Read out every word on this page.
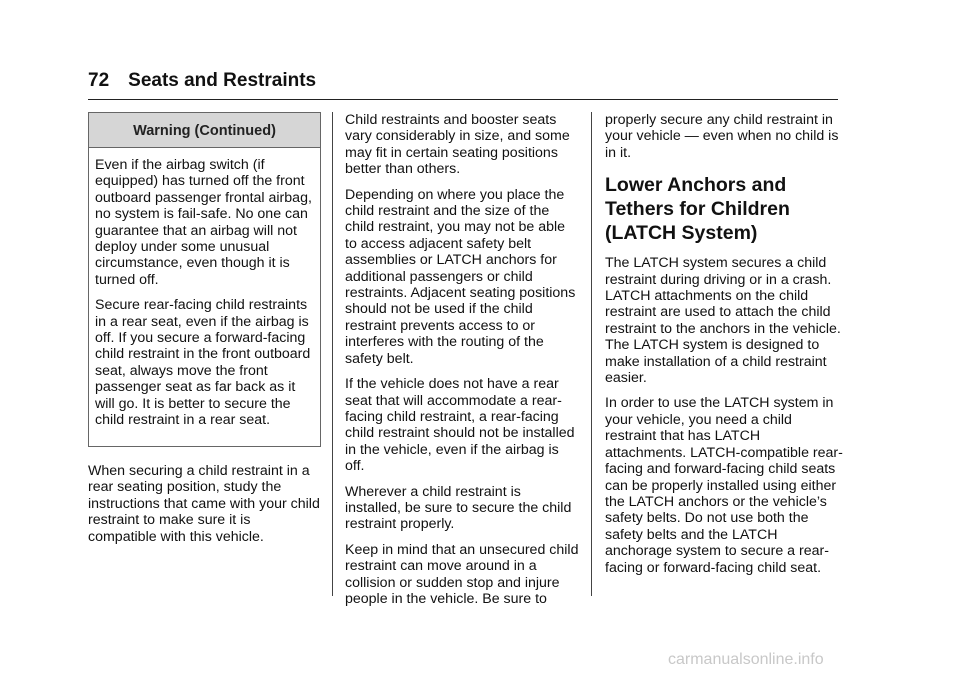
72 Seats and Restraints
Warning (Continued)

Even if the airbag switch (if equipped) has turned off the front outboard passenger frontal airbag, no system is fail-safe. No one can guarantee that an airbag will not deploy under some unusual circumstance, even though it is turned off.

Secure rear-facing child restraints in a rear seat, even if the airbag is off. If you secure a forward-facing child restraint in the front outboard seat, always move the front passenger seat as far back as it will go. It is better to secure the child restraint in a rear seat.

When securing a child restraint in a rear seating position, study the instructions that came with your child restraint to make sure it is compatible with this vehicle.

Child restraints and booster seats vary considerably in size, and some may fit in certain seating positions better than others.

Depending on where you place the child restraint and the size of the child restraint, you may not be able to access adjacent safety belt assemblies or LATCH anchors for additional passengers or child restraints. Adjacent seating positions should not be used if the child restraint prevents access to or interferes with the routing of the safety belt.

If the vehicle does not have a rear seat that will accommodate a rear-facing child restraint, a rear-facing child restraint should not be installed in the vehicle, even if the airbag is off.

Wherever a child restraint is installed, be sure to secure the child restraint properly.

Keep in mind that an unsecured child restraint can move around in a collision or sudden stop and injure people in the vehicle. Be sure to

properly secure any child restraint in your vehicle — even when no child is in it.

Lower Anchors and Tethers for Children (LATCH System)

The LATCH system secures a child restraint during driving or in a crash. LATCH attachments on the child restraint are used to attach the child restraint to the anchors in the vehicle. The LATCH system is designed to make installation of a child restraint easier.

In order to use the LATCH system in your vehicle, you need a child restraint that has LATCH attachments. LATCH-compatible rear-facing and forward-facing child seats can be properly installed using either the LATCH anchors or the vehicle’s safety belts. Do not use both the safety belts and the LATCH anchorage system to secure a rear-facing or forward-facing child seat.

carmanualsonline.info
